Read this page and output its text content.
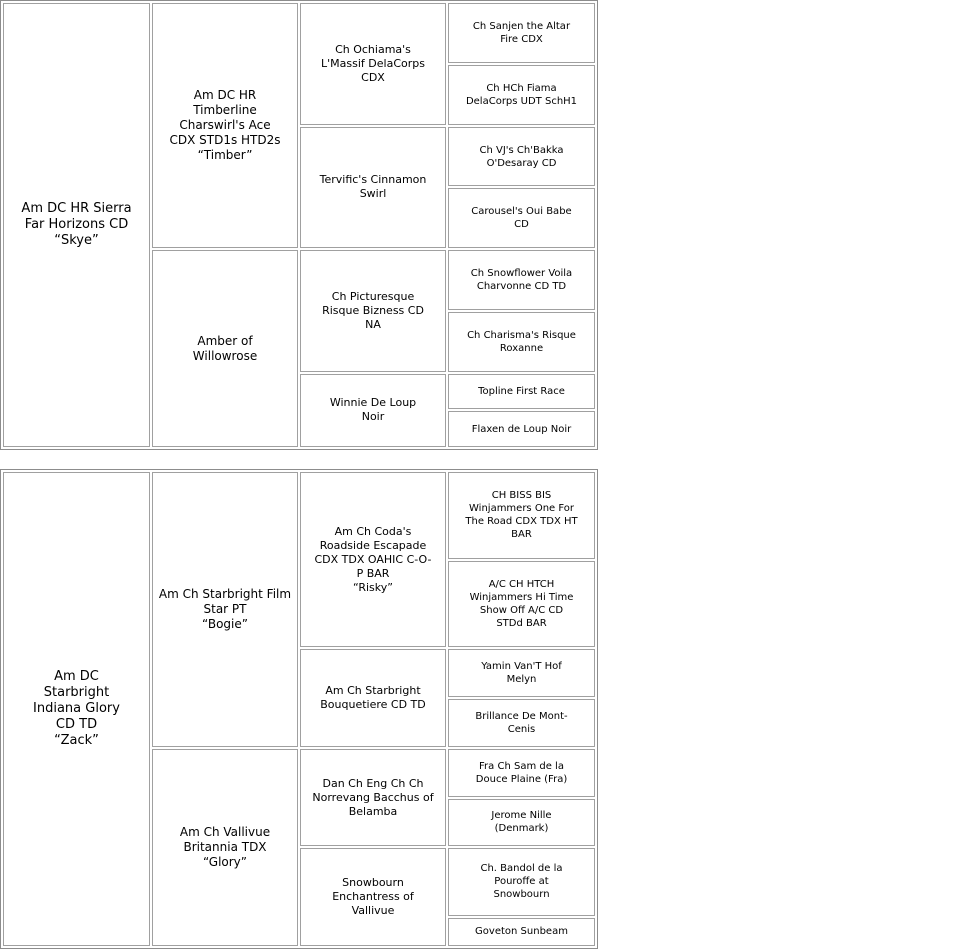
Am DC HR Sierra
Far Horizons CD
“Skye”	Am DC HR
Timberline
Charswirl's Ace
CDX STD1s HTD2s
“Timber”	Ch Ochiama's
L'Massif DelaCorps
CDX	Ch Sanjen the Altar
Fire CDX

			Ch HCh Fiama
DelaCorps UDT SchH1

		Tervific's Cinnamon
Swirl	Ch VJ's Ch'Bakka
O'Desaray CD

			Carousel's Oui Babe
CD

	Amber of
Willowrose	Ch Picturesque
Risque Bizness CD
NA	Ch Snowflower Voila
Charvonne CD TD

			Ch Charisma's Risque
Roxanne

		Winnie De Loup
Noir	Topline First Race

			Flaxen de Loup Noir
Am DC
Starbright
Indiana Glory
CD TD
“Zack”	Am Ch Starbright Film
Star PT
“Bogie”	Am Ch Coda's
Roadside Escapade
CDX TDX OAHIC C-O-
P BAR
“Risky”	CH BISS BIS
Winjammers One For
The Road CDX TDX HT
BAR

			A/C CH HTCH
Winjammers Hi Time
Show Off A/C CD
STDd BAR

		Am Ch Starbright
Bouquetiere CD TD	Yamin Van'T Hof
Melyn

			Brillance De Mont-
Cenis

	Am Ch Vallivue
Britannia TDX
“Glory”	Dan Ch Eng Ch Ch
Norrevang Bacchus of
Belamba	Fra Ch Sam de la
Douce Plaine (Fra)

			Jerome Nille
(Denmark)

		Snowbourn
Enchantress of
Vallivue	Ch. Bandol de la
Pouroffe at
Snowbourn

			Goveton Sunbeam
